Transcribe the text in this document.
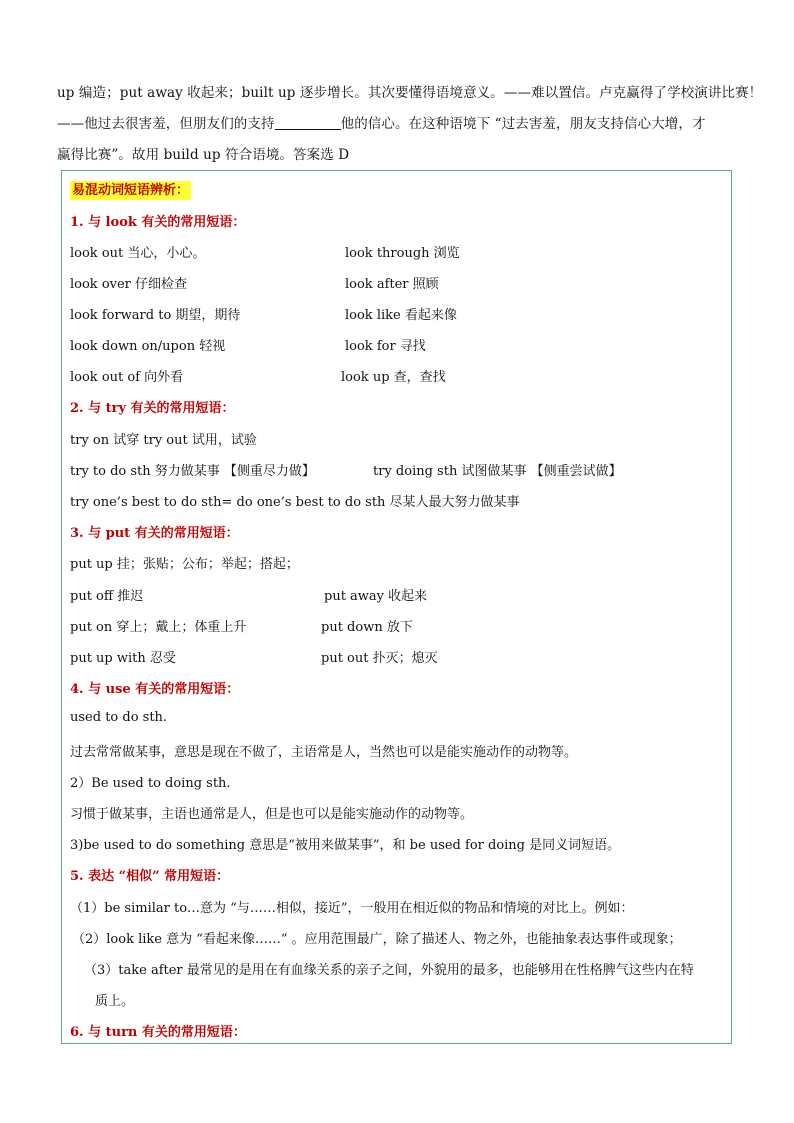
up 编造；put away 收起来；built up 逐步增长。其次要懂得语境意义。——难以置信。卢克赢得了学校演讲比赛！
——他过去很害羞，但朋友们的支持	他的信心。在这种语境下 “过去害羞，朋友支持信心大增，才
赢得比赛”。故用 build up 符合语境。答案选 D
易混动词短语辨析：
1. 与 look 有关的常用短语：
look out 当心，小心。	look through 浏览
look over 仔细检查	look after 照顾
look forward to 期望，期待	look like 看起来像
look down on/upon 轻视	look for 寻找
look out of 向外看	look up 查，查找
2. 与 try 有关的常用短语：
try on 试穿 try out 试用，试验
try to do sth 努力做某事 【侧重尽力做】	try doing sth 试图做某事 【侧重尝试做】
try one’s best to do sth= do one’s best to do sth 尽某人最大努力做某事
3. 与 put 有关的常用短语：
put up 挂；张贴；公布；举起；搭起；
put off 推迟	put away 收起来
put on 穿上；戴上；体重上升	put down 放下
put up with 忍受	put out 扑灭；熄灭
4. 与 use 有关的常用短语：
used to do sth.
过去常常做某事，意思是现在不做了，主语常是人，当然也可以是能实施动作的动物等。
2）Be used to doing sth.
习惯于做某事，主语也通常是人，但是也可以是能实施动作的动物等。
3)be used to do something 意思是“被用来做某事”，和 be used for doing 是同义词短语。
5. 表达 “相似” 常用短语：
（1）be similar to…意为 “与……相似，接近”，一般用在相近似的物品和情境的对比上。例如：
（2）look like 意为 “看起来像……” 。应用范围最广，除了描述人、物之外，也能抽象表达事件或现象；
（3）take after 最常见的是用在有血缘关系的亲子之间，外貌用的最多，也能够用在性格脾气这些内在特
质上。
6. 与 turn 有关的常用短语：
